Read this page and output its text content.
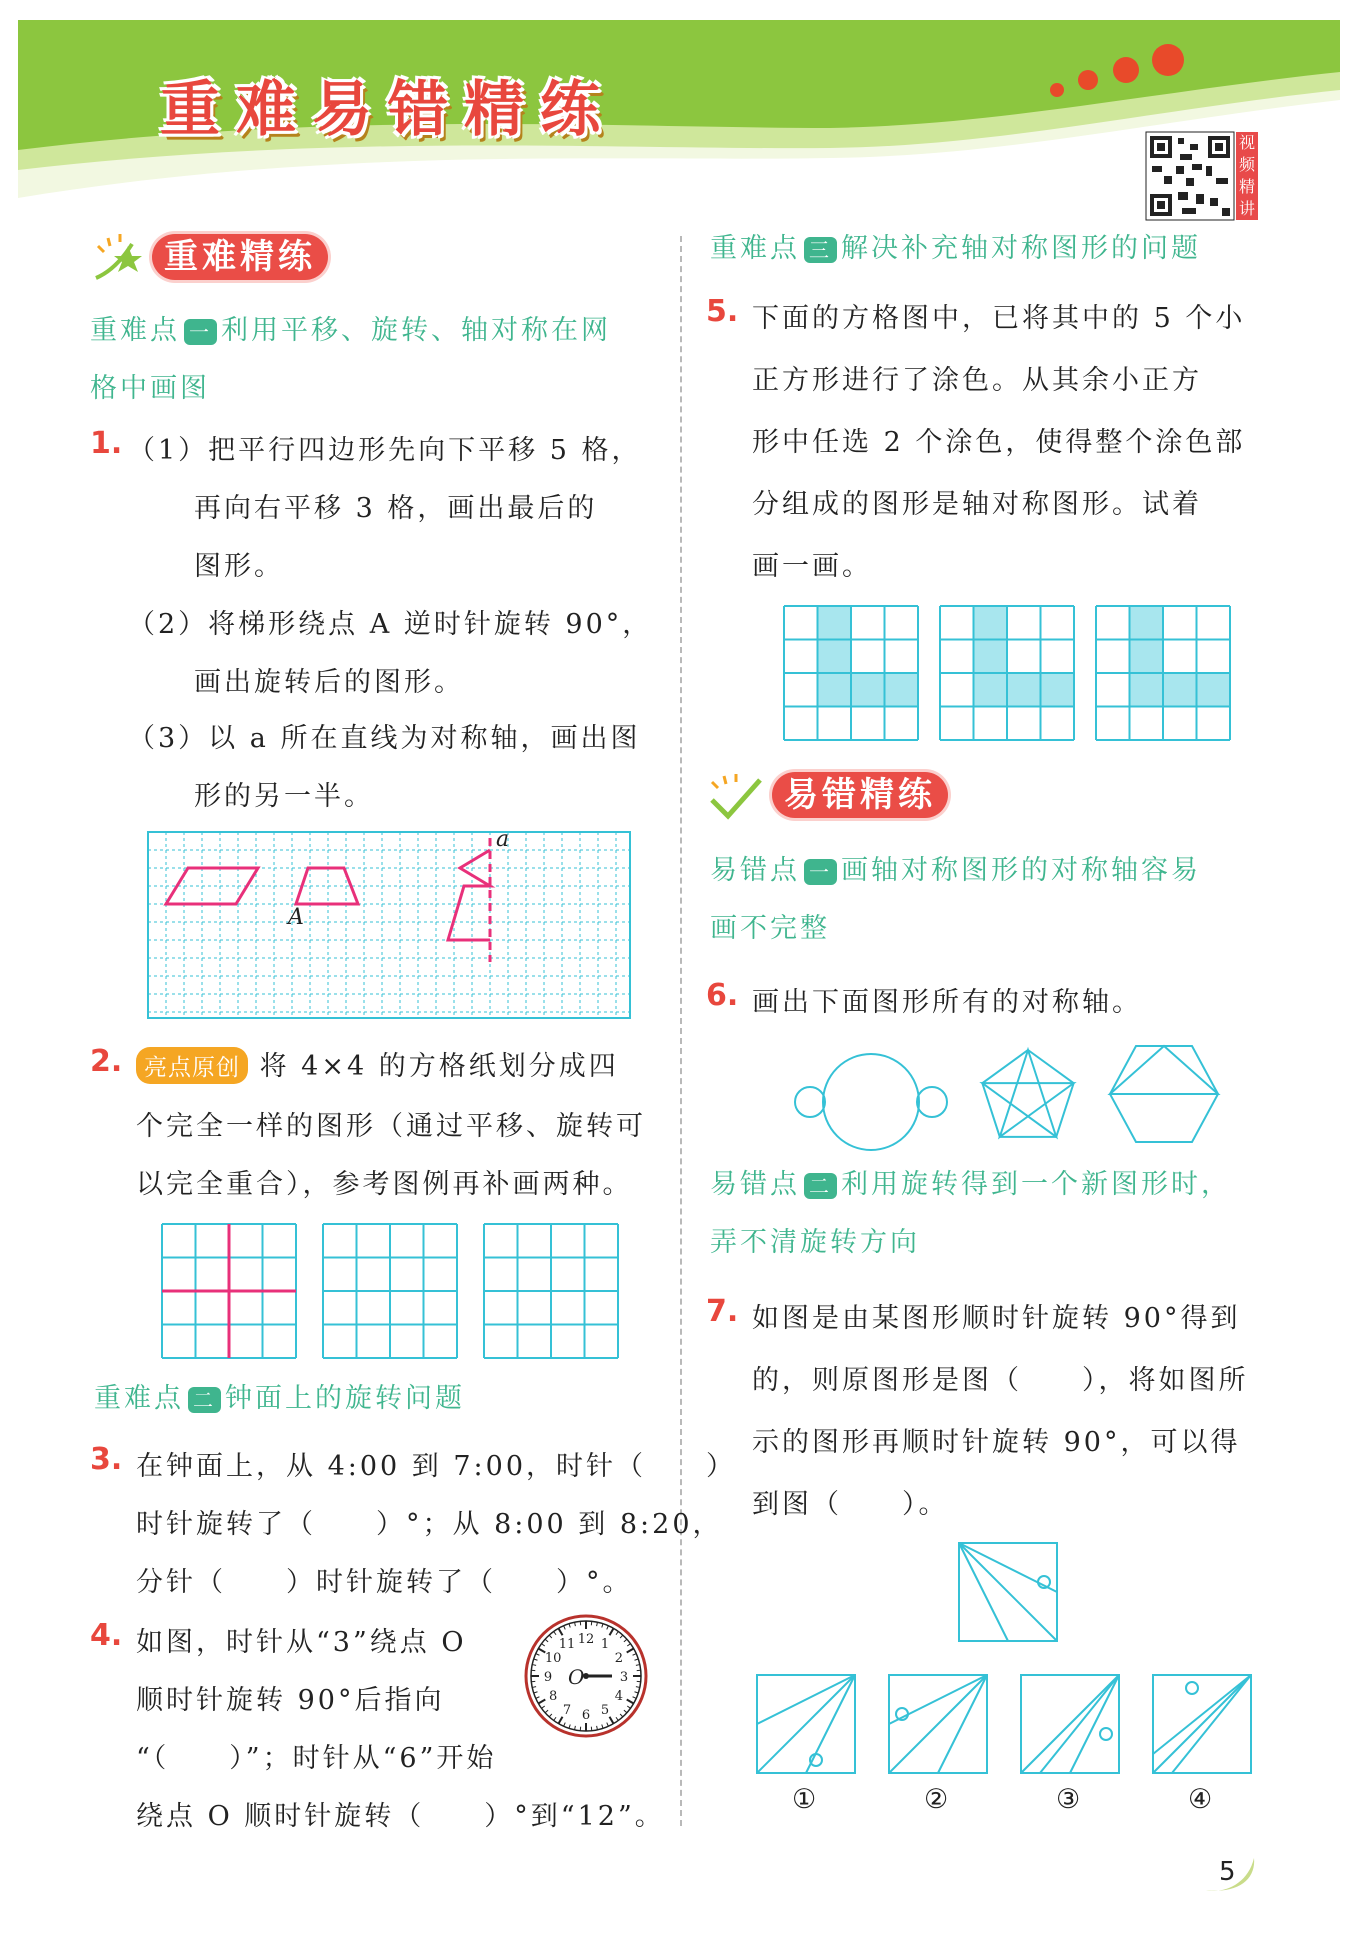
重难易错精练	视频精讲
重难精练
重难点 一 利用平移、旋转、轴对称在网
格中画图
1. （1）把平行四边形先向下平移 5 格，
再向右平移 3 格，画出最后的
图形。
（2）将梯形绕点 A 逆时针旋转 90°，
画出旋转后的图形。
（3）以 a 所在直线为对称轴，画出图
形的另一半。
a
A
2. 亮点原创 将 4×4 的方格纸划分成四
个完全一样的图形（通过平移、旋转可
以完全重合），参考图例再补画两种。
重难点 二 钟面上的旋转问题
3. 在钟面上，从 4:00 到 7:00，时针（　　）
时针旋转了（　　）°；从 8:00 到 8:20，
分针（　　）时针旋转了（　　）°。
4. 如图，时针从“3”绕点 O
顺时针旋转 90°后指向
“（　　）”；时针从“6”开始
绕点 O 顺时针旋转（　　）°到“12”。
12 1
2
3
4
5
6
7
8
9
10
11
O
重难点 三 解决补充轴对称图形的问题
5. 下面的方格图中，已将其中的 5 个小
正方形进行了涂色。从其余小正方
形中任选 2 个涂色，使得整个涂色部
分组成的图形是轴对称图形。试着
画一画。
易错精练
易错点 一 画轴对称图形的对称轴容易
画不完整
6. 画出下面图形所有的对称轴。
易错点 二 利用旋转得到一个新图形时，
弄不清旋转方向
7. 如图是由某图形顺时针旋转 90°得到
的，则原图形是图（　　），将如图所
示的图形再顺时针旋转 90°，可以得
到图（　　）。
①	②	③	④
5
